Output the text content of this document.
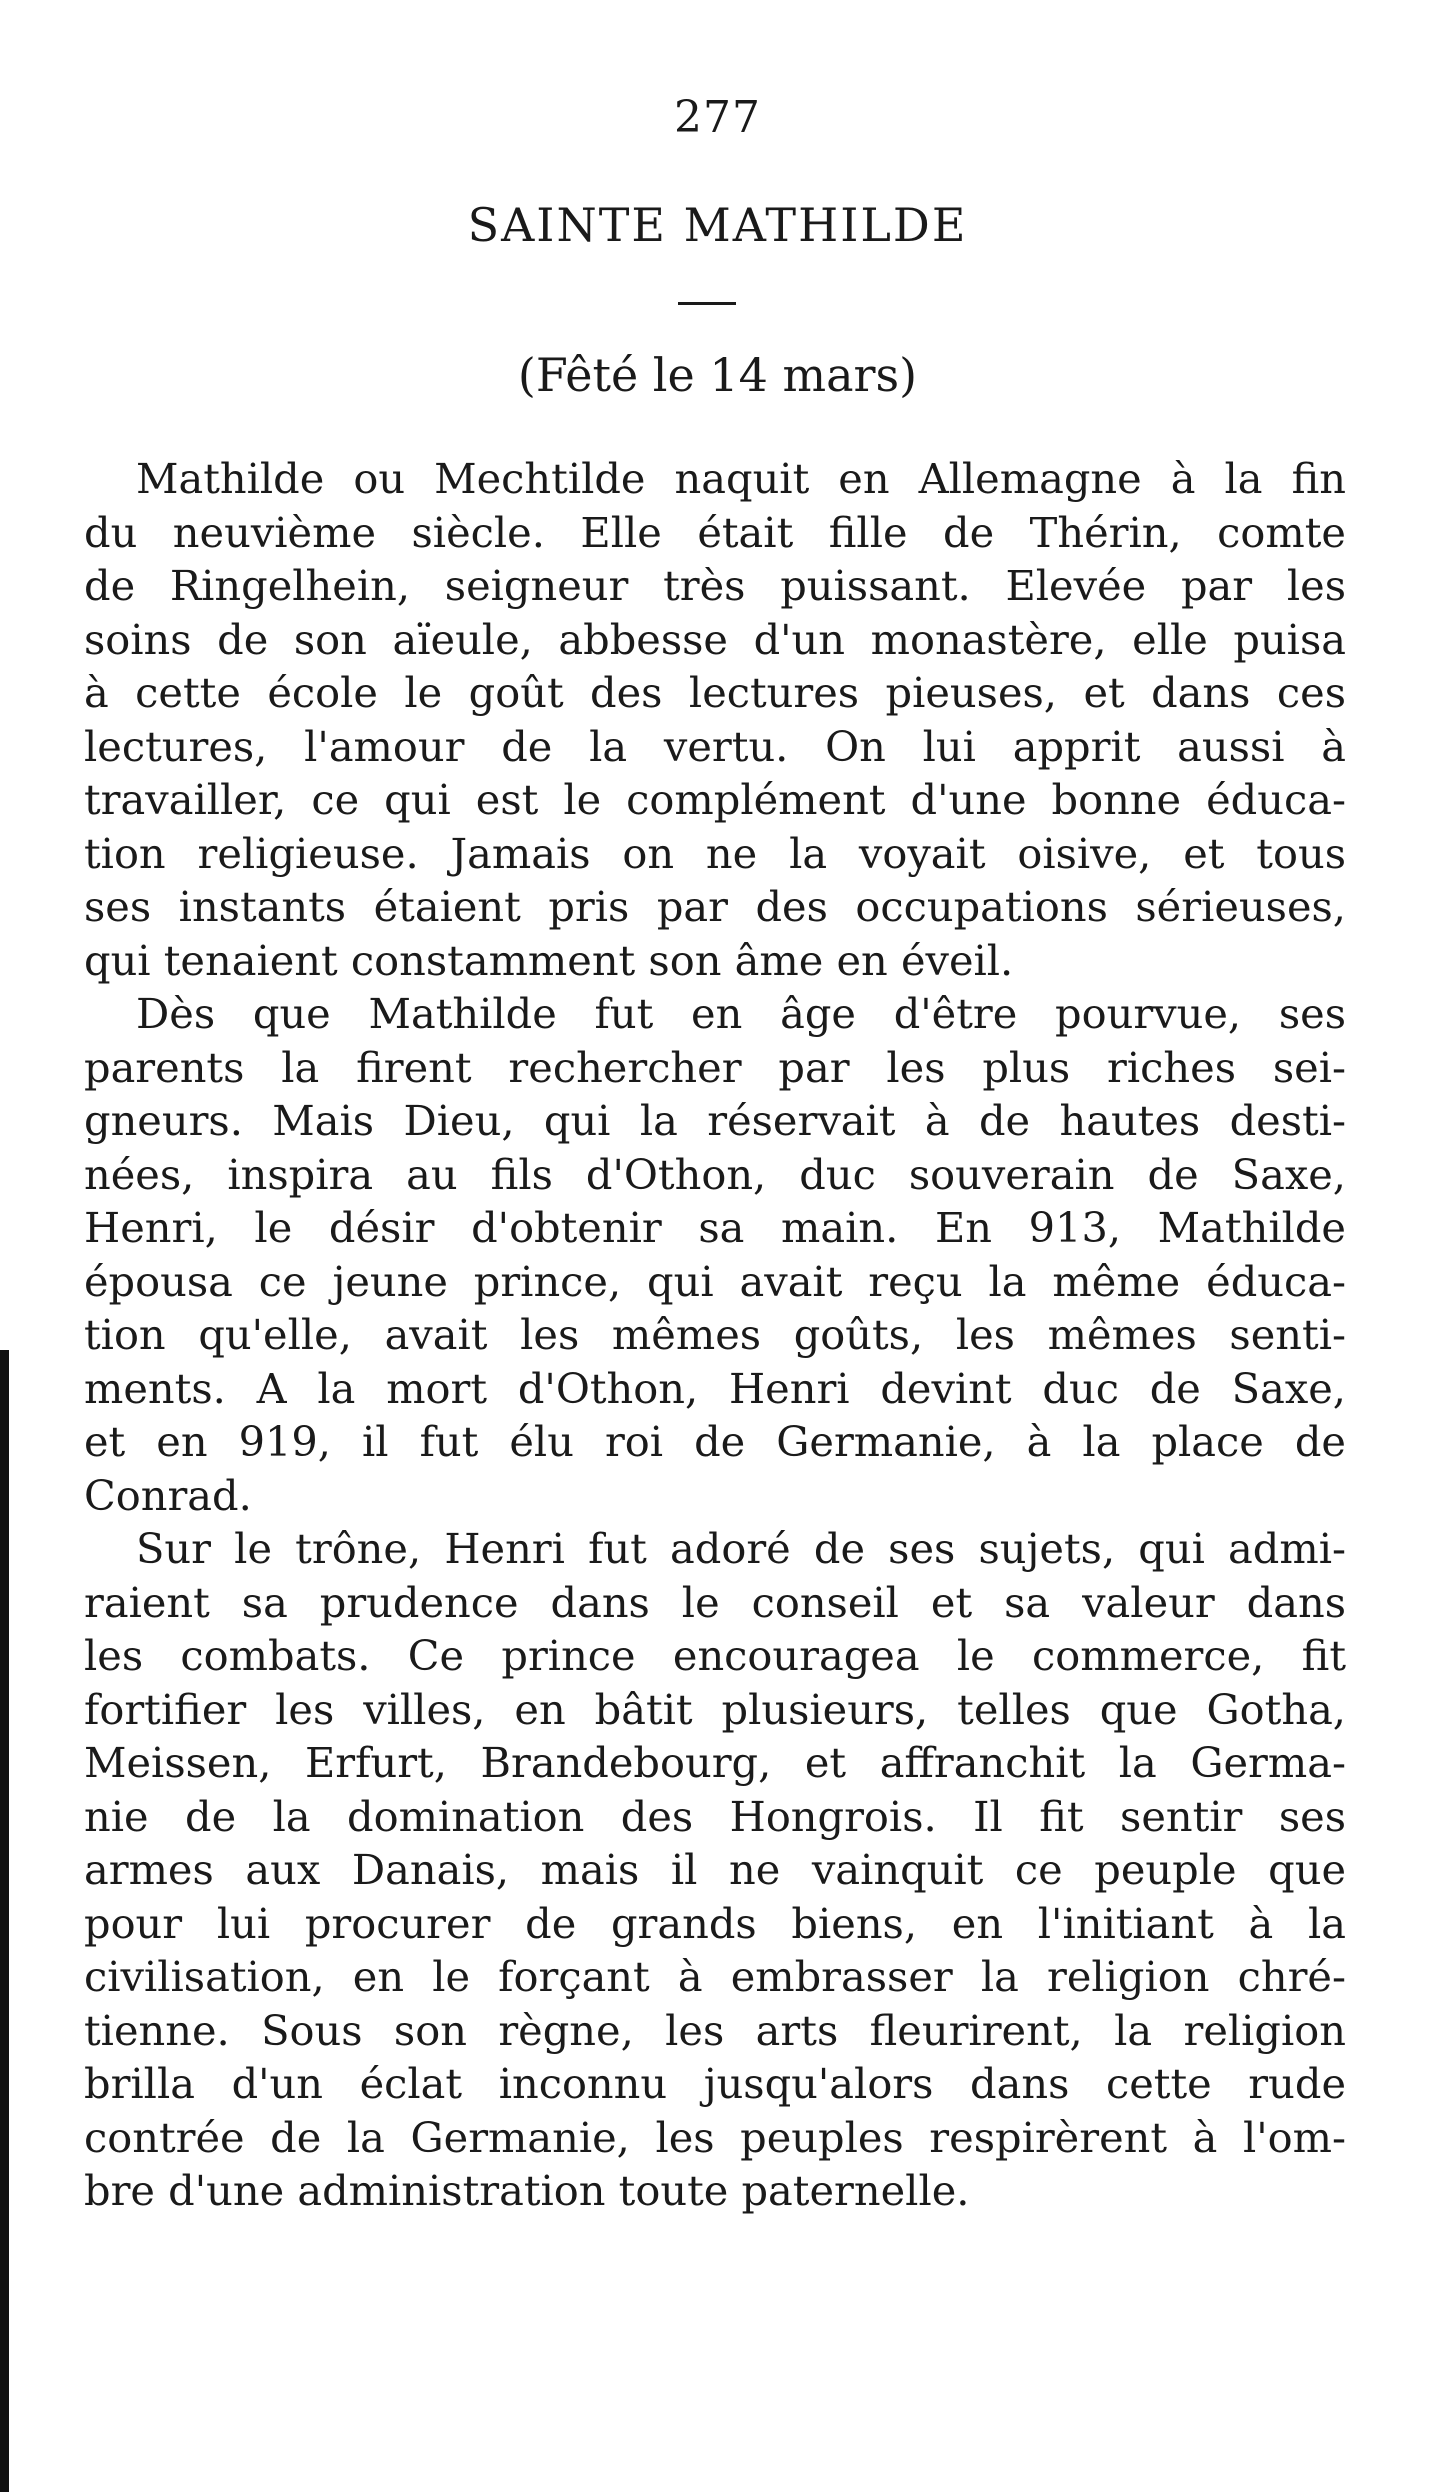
277
SAINTE MATHILDE
(Fêté le 14 mars)
Mathilde ou Mechtilde naquit en Allemagne à la fin
du neuvième siècle. Elle était fille de Thérin, comte
de Ringelhein, seigneur très puissant. Elevée par les
soins de son aïeule, abbesse d'un monastère, elle puisa
à cette école le goût des lectures pieuses, et dans ces
lectures, l'amour de la vertu. On lui apprit aussi à
travailler, ce qui est le complément d'une bonne éduca-
tion religieuse. Jamais on ne la voyait oisive, et tous
ses instants étaient pris par des occupations sérieuses,
qui tenaient constamment son âme en éveil.
Dès que Mathilde fut en âge d'être pourvue, ses
parents la firent rechercher par les plus riches sei-
gneurs. Mais Dieu, qui la réservait à de hautes desti-
nées, inspira au fils d'Othon, duc souverain de Saxe,
Henri, le désir d'obtenir sa main. En 913, Mathilde
épousa ce jeune prince, qui avait reçu la même éduca-
tion qu'elle, avait les mêmes goûts, les mêmes senti-
ments. A la mort d'Othon, Henri devint duc de Saxe,
et en 919, il fut élu roi de Germanie, à la place de
Conrad.
Sur le trône, Henri fut adoré de ses sujets, qui admi-
raient sa prudence dans le conseil et sa valeur dans
les combats. Ce prince encouragea le commerce, fit
fortifier les villes, en bâtit plusieurs, telles que Gotha,
Meissen, Erfurt, Brandebourg, et affranchit la Germa-
nie de la domination des Hongrois. Il fit sentir ses
armes aux Danais, mais il ne vainquit ce peuple que
pour lui procurer de grands biens, en l'initiant à la
civilisation, en le forçant à embrasser la religion chré-
tienne. Sous son règne, les arts fleurirent, la religion
brilla d'un éclat inconnu jusqu'alors dans cette rude
contrée de la Germanie, les peuples respirèrent à l'om-
bre d'une administration toute paternelle.
